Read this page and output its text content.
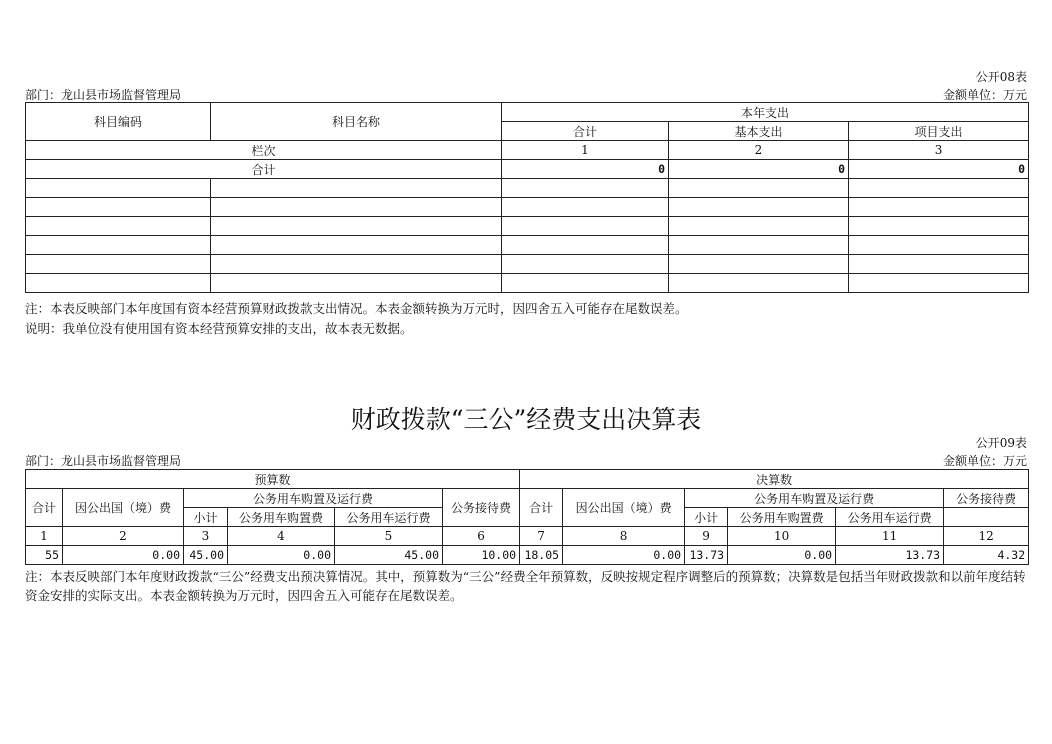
公开08表
部门：龙山县市场监督管理局	金额单位：万元
科目编码	科目名称	本年支出		
		合计	基本支出	项目支出
栏次		1	2	3
合计		0	0	0

注：本表反映部门本年度国有资本经营预算财政拨款支出情况。本表金额转换为万元时，因四舍五入可能存在尾数误差。
说明：我单位没有使用国有资本经营预算安排的支出，故本表无数据。
财政拨款“三公”经费支出决算表
公开09表
部门：龙山县市场监督管理局	金额单位：万元
预算数						决算数					
合计	因公出国（境）费	公务用车购置及运行费			公务接待费	合计	因公出国（境）费	公务用车购置及运行费			公务接待费
		小计	公务用车购置费	公务用车运行费				小计	公务用车购置费	公务用车运行费	
1	2	3	4	5	6	7	8	9	10	11	12
55	0.00	45.00	0.00	45.00	10.00	18.05	0.00	13.73	0.00	13.73	4.32
注：本表反映部门本年度财政拨款“三公”经费支出预决算情况。其中，预算数为“三公”经费全年预算数，反映按规定程序调整后的预算数；决算数是包括当年财政拨款和以前年度结转资金安排的实际支出。本表金额转换为万元时，因四舍五入可能存在尾数误差。
